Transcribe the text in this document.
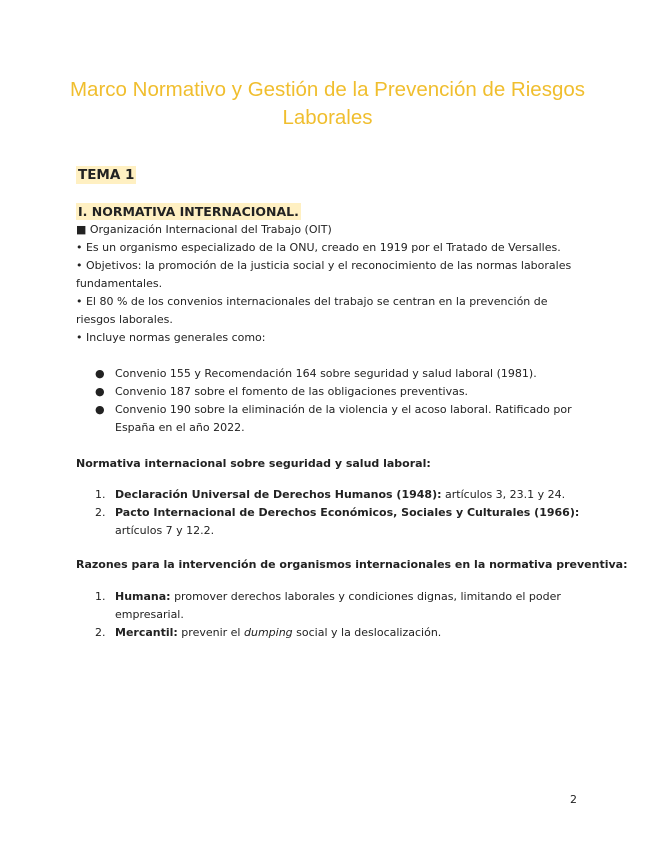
Marco Normativo y Gestión de la Prevención de Riesgos Laborales
TEMA 1
I. NORMATIVA INTERNACIONAL.
■ Organización Internacional del Trabajo (OIT)
• Es un organismo especializado de la ONU, creado en 1919 por el Tratado de Versalles.
• Objetivos: la promoción de la justicia social y el reconocimiento de las normas laborales fundamentales.
• El 80 % de los convenios internacionales del trabajo se centran en la prevención de riesgos laborales.
• Incluye normas generales como:
● Convenio 155 y Recomendación 164 sobre seguridad y salud laboral (1981).
● Convenio 187 sobre el fomento de las obligaciones preventivas.
● Convenio 190 sobre la eliminación de la violencia y el acoso laboral. Ratificado por España en el año 2022.
Normativa internacional sobre seguridad y salud laboral:
1. Declaración Universal de Derechos Humanos (1948): artículos 3, 23.1 y 24.
2. Pacto Internacional de Derechos Económicos, Sociales y Culturales (1966): artículos 7 y 12.2.
Razones para la intervención de organismos internacionales en la normativa preventiva:
1. Humana: promover derechos laborales y condiciones dignas, limitando el poder empresarial.
2. Mercantil: prevenir el dumping social y la deslocalización.
2
